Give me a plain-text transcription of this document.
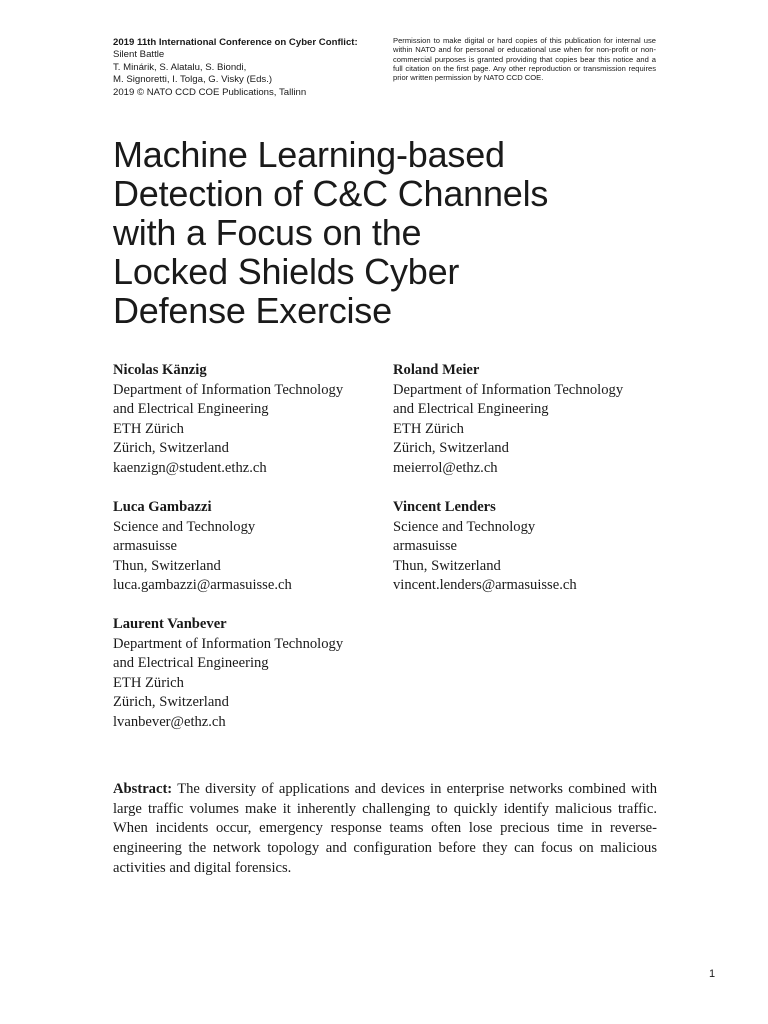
2019 11th International Conference on Cyber Conflict:
Silent Battle
T. Minárik, S. Alatalu, S. Biondi,
M. Signoretti, I. Tolga, G. Visky (Eds.)
2019 © NATO CCD COE Publications, Tallinn
Permission to make digital or hard copies of this publication for internal use within NATO and for personal or educational use when for non-profit or non-commercial purposes is granted providing that copies bear this notice and a full citation on the first page. Any other reproduction or transmission requires prior written permission by NATO CCD COE.
Machine Learning-based
Detection of C&C Channels
with a Focus on the
Locked Shields Cyber
Defense Exercise
Nicolas Känzig
Department of Information Technology
and Electrical Engineering
ETH Zürich
Zürich, Switzerland
kaenzign@student.ethz.ch
Roland Meier
Department of Information Technology
and Electrical Engineering
ETH Zürich
Zürich, Switzerland
meierrol@ethz.ch
Luca Gambazzi
Science and Technology
armasuisse
Thun, Switzerland
luca.gambazzi@armasuisse.ch
Vincent Lenders
Science and Technology
armasuisse
Thun, Switzerland
vincent.lenders@armasuisse.ch
Laurent Vanbever
Department of Information Technology
and Electrical Engineering
ETH Zürich
Zürich, Switzerland
lvanbever@ethz.ch
Abstract: The diversity of applications and devices in enterprise networks combined with large traffic volumes make it inherently challenging to quickly identify malicious traffic. When incidents occur, emergency response teams often lose precious time in reverse-engineering the network topology and configuration before they can focus on malicious activities and digital forensics.
1
